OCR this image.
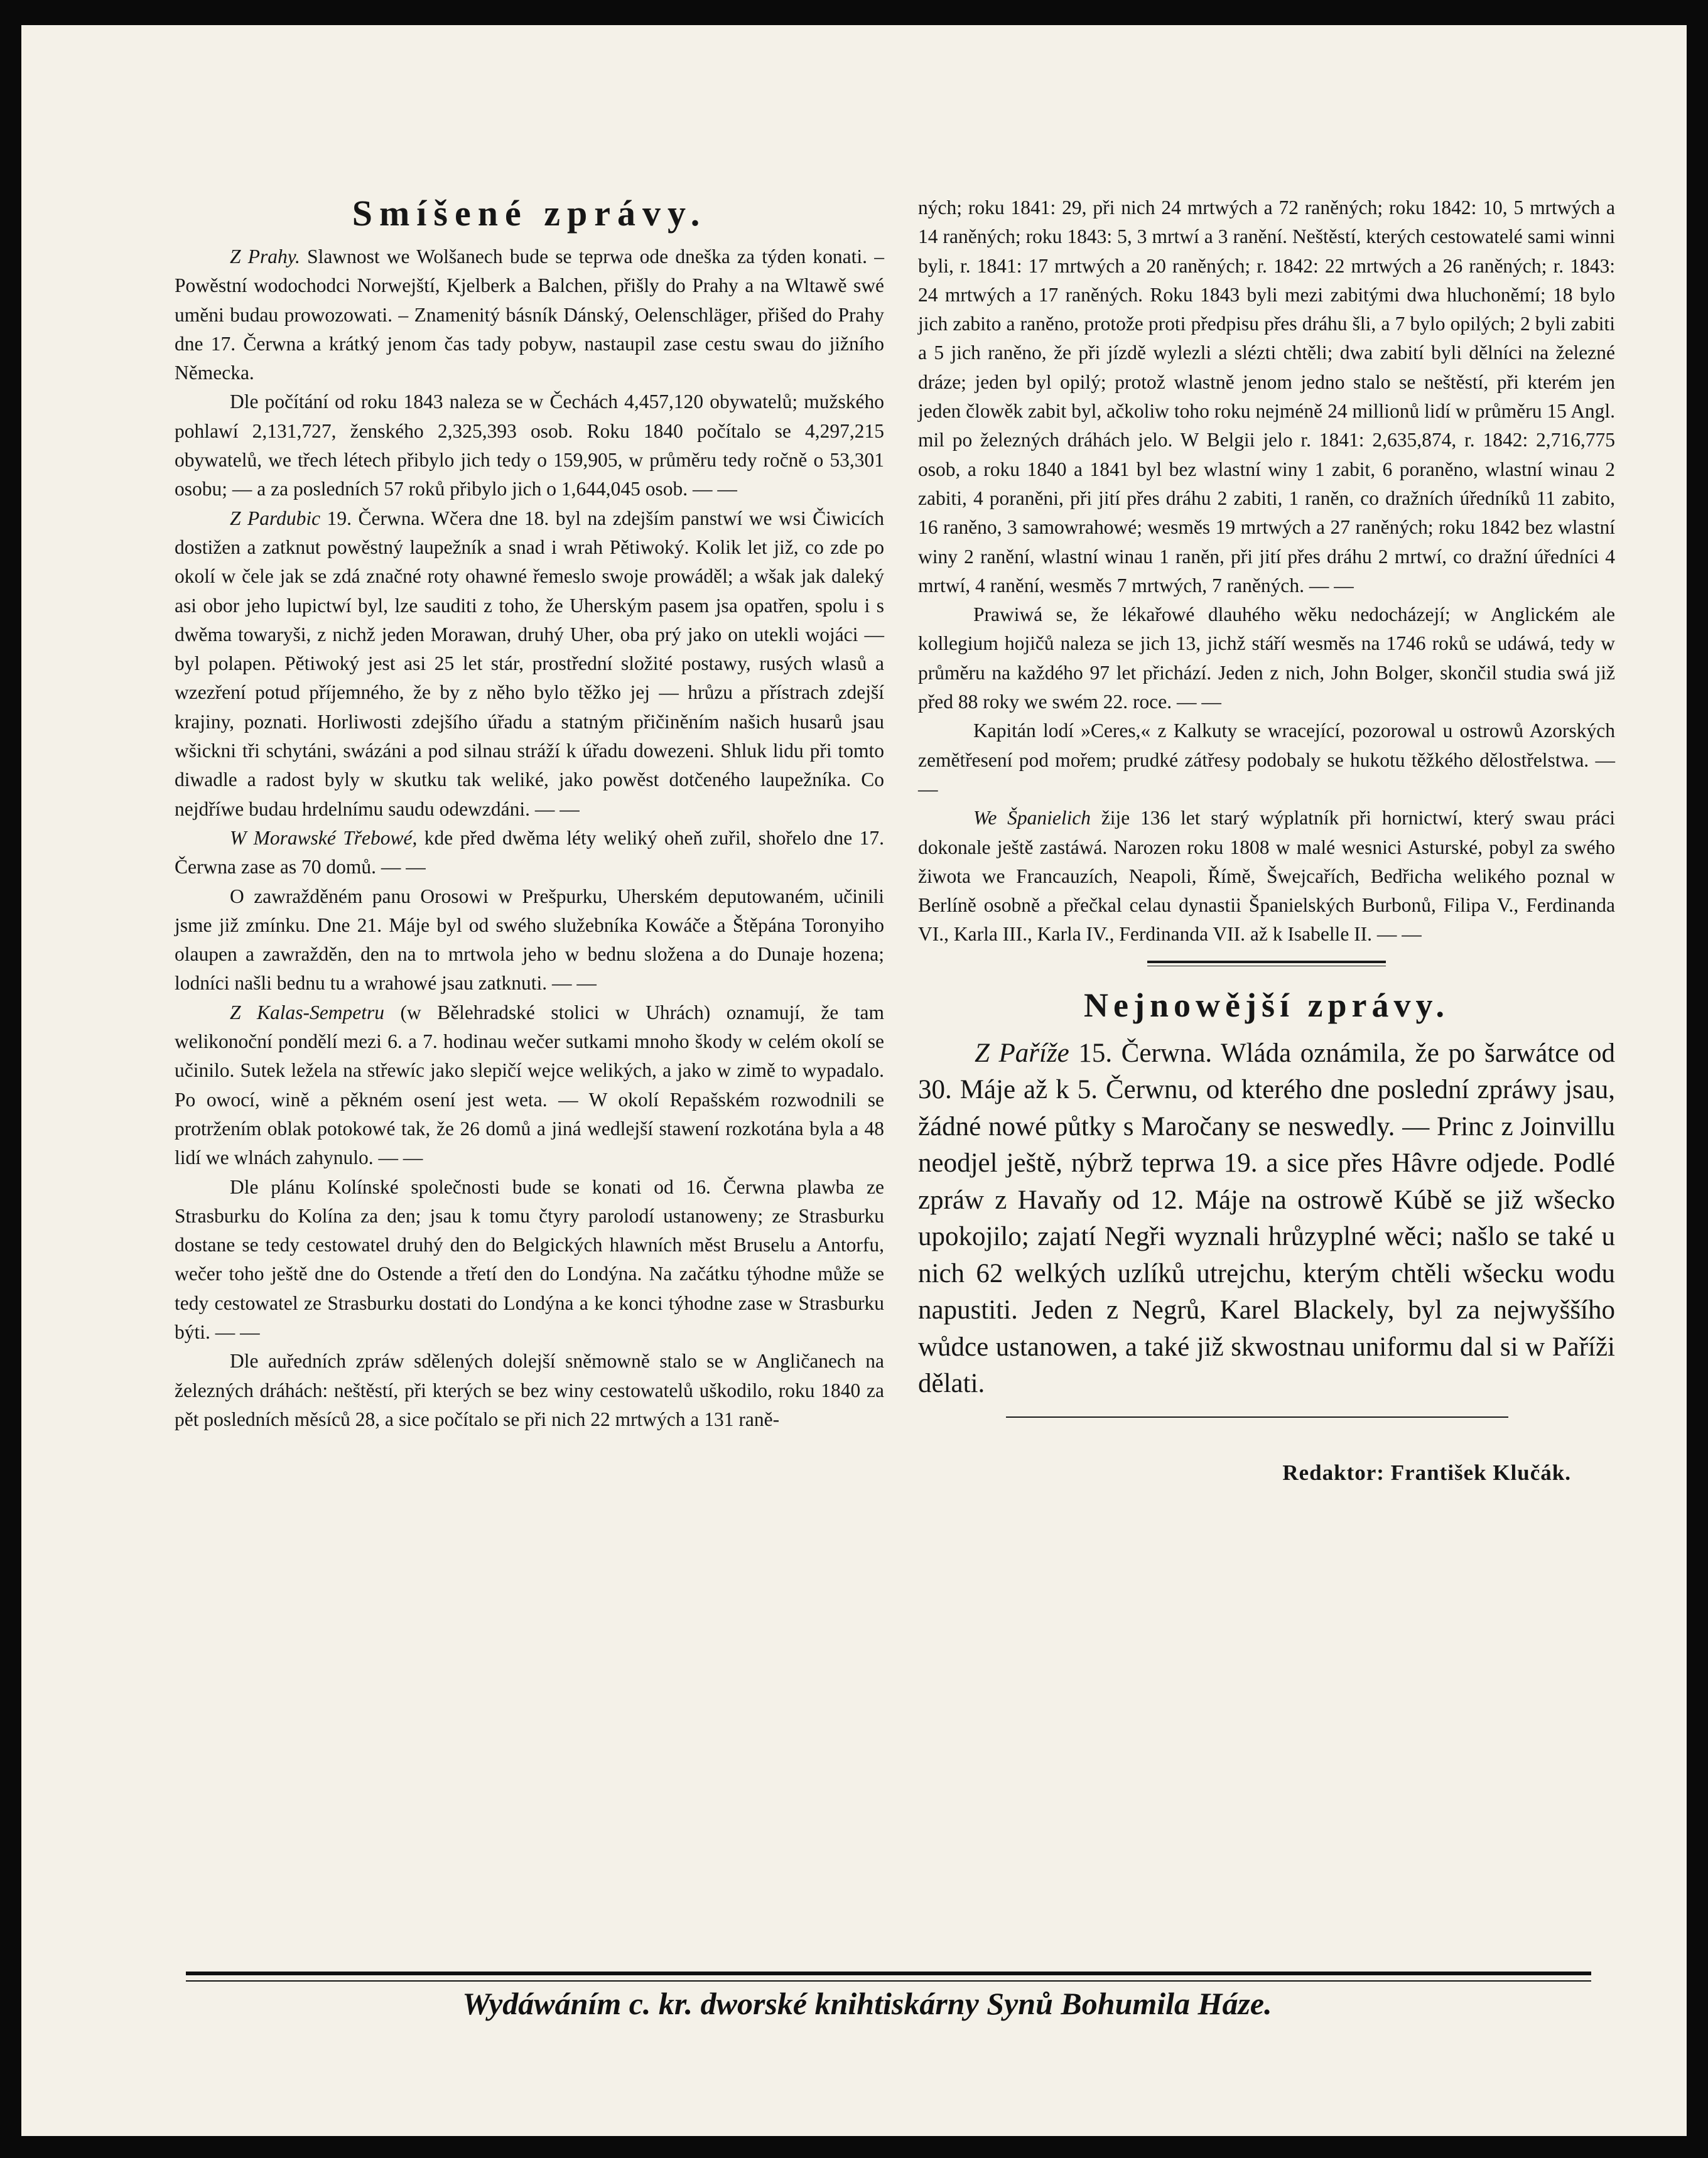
Smíšené zprávy.

Z Prahy. Slawnost we Wolšanech bude se teprwa ode dneška za týden konati. – Powěstní wodochodci Norwejští, Kjelberk a Balchen, přišly do Prahy a na Wltawě swé uměni budau prowozowati. – Znamenitý básník Dánský, Oelenschläger, přišed do Prahy dne 17. Čerwna a krátký jenom čas tady pobyw, nastaupil zase cestu swau do jižního Německa.

Dle počítání od roku 1843 naleza se w Čechách 4,457,120 obywatelů; mužského pohlawí 2,131,727, ženského 2,325,393 osob. Roku 1840 počítalo se 4,297,215 obywatelů, we třech létech přibylo jich tedy o 159,905, w průměru tedy ročně o 53,301 osobu; — a za posledních 57 roků přibylo jich o 1,644,045 osob. — —

Z Pardubic 19. Čerwna. Wčera dne 18. byl na zdejším panstwí we wsi Čiwicích dostižen a zatknut powěstný laupežník a snad i wrah Pětiwoký. Kolik let již, co zde po okolí w čele jak se zdá značné roty ohawné řemeslo swoje prowáděl; a wšak jak daleký asi obor jeho lupictwí byl, lze sauditi z toho, že Uherským pasem jsa opatřen, spolu i s dwěma towaryši, z nichž jeden Morawan, druhý Uher, oba prý jako on utekli wojáci — byl polapen. Pětiwoký jest asi 25 let stár, prostřední složité postawy, rusých wlasů a wzezření potud příjemného, že by z něho bylo těžko jej — hrůzu a přístrach zdejší krajiny, poznati. Horliwosti zdejšího úřadu a statným přičiněním našich husarů jsau wšickni tři schytáni, swázáni a pod silnau stráží k úřadu dowezeni. Shluk lidu při tomto diwadle a radost byly w skutku tak weliké, jako powěst dotčeného laupežníka. Co nejdříwe budau hrdelnímu saudu odewzdáni. — —

W Morawské Třebowé, kde před dwěma léty weliký oheň zuřil, shořelo dne 17. Čerwna zase as 70 domů. — —

O zawražděném panu Orosowi w Prešpurku, Uherském deputowaném, učinili jsme již zmínku. Dne 21. Máje byl od swého služebníka Kowáče a Štěpána Toronyiho olaupen a zawražděn, den na to mrtwola jeho w bednu složena a do Dunaje hozena; lodníci našli bednu tu a wrahowé jsau zatknuti. — —

Z Kalas-Sempetru (w Bělehradské stolici w Uhrách) oznamují, že tam welikonoční pondělí mezi 6. a 7. hodinau wečer sutkami mnoho škody w celém okolí se učinilo. Sutek ležela na střewíc jako slepičí wejce welikých, a jako w zimě to wypadalo. Po owocí, wině a pěkném osení jest weta. — W okolí Repašském rozwodnili se protržením oblak potokowé tak, že 26 domů a jiná wedlejší stawení rozkotána byla a 48 lidí we wlnách zahynulo. — —

Dle plánu Kolínské společnosti bude se konati od 16. Čerwna plawba ze Strasburku do Kolína za den; jsau k tomu čtyry parolodí ustanoweny; ze Strasburku dostane se tedy cestowatel druhý den do Belgických hlawních měst Bruselu a Antorfu, wečer toho ještě dne do Ostende a třetí den do Londýna. Na začátku týhodne může se tedy cestowatel ze Strasburku dostati do Londýna a ke konci týhodne zase w Strasburku býti. — —

Dle auředních zpráw sdělených dolejší sněmowně stalo se w Angličanech na železných dráhách: neštěstí, při kterých se bez winy cestowatelů uškodilo, roku 1840 za pět posledních měsíců 28, a sice počítalo se při nich 22 mrtwých a 131 raně-

ných; roku 1841: 29, při nich 24 mrtwých a 72 raněných; roku 1842: 10, 5 mrtwých a 14 raněných; roku 1843: 5, 3 mrtwí a 3 ranění. Neštěstí, kterých cestowatelé sami winni byli, r. 1841: 17 mrtwých a 20 raněných; r. 1842: 22 mrtwých a 26 raněných; r. 1843: 24 mrtwých a 17 raněných. Roku 1843 byli mezi zabitými dwa hluchoněmí; 18 bylo jich zabito a raněno, protože proti předpisu přes dráhu šli, a 7 bylo opilých; 2 byli zabiti a 5 jich raněno, že při jízdě wylezli a slézti chtěli; dwa zabití byli dělníci na železné dráze; jeden byl opilý; protož wlastně jenom jedno stalo se neštěstí, při kterém jen jeden člowěk zabit byl, ačkoliw toho roku nejméně 24 millionů lidí w průměru 15 Angl. mil po železných dráhách jelo. W Belgii jelo r. 1841: 2,635,874, r. 1842: 2,716,775 osob, a roku 1840 a 1841 byl bez wlastní winy 1 zabit, 6 poraněno, wlastní winau 2 zabiti, 4 poraněni, při jití přes dráhu 2 zabiti, 1 raněn, co dražních úředníků 11 zabito, 16 raněno, 3 samowrahowé; wesměs 19 mrtwých a 27 raněných; roku 1842 bez wlastní winy 2 ranění, wlastní winau 1 raněn, při jití přes dráhu 2 mrtwí, co dražní úředníci 4 mrtwí, 4 ranění, wesměs 7 mrtwých, 7 raněných. — —

Prawiwá se, že lékařowé dlauhého wěku nedocházejí; w Anglickém ale kollegium hojičů naleza se jich 13, jichž stáří wesměs na 1746 roků se udáwá, tedy w průměru na každého 97 let přichází. Jeden z nich, John Bolger, skončil studia swá již před 88 roky we swém 22. roce. — —

Kapitán lodí »Ceres,« z Kalkuty se wracející, pozorowal u ostrowů Azorských zemětřesení pod mořem; prudké zátřesy podobaly se hukotu těžkého dělostřelstwa. — —

We Španielich žije 136 let starý wýplatník při hornictwí, který swau práci dokonale ještě zastáwá. Narozen roku 1808 w malé wesnici Asturské, pobyl za swého žiwota we Francauzích, Neapoli, Římě, Šwejcařích, Bedřicha welikého poznal w Berlíně osobně a přečkal celau dynastii Španielských Burbonů, Filipa V., Ferdinanda VI., Karla III., Karla IV., Ferdinanda VII. až k Isabelle II. — —

Nejnowější zprávy.

Z Paříže 15. Čerwna. Wláda oznámila, že po šarwátce od 30. Máje až k 5. Čerwnu, od kterého dne poslední zpráwy jsau, žádné nowé půtky s Maročany se neswedly. — Princ z Joinvillu neodjel ještě, nýbrž teprwa 19. a sice přes Hâvre odjede. Podlé zpráw z Havaňy od 12. Máje na ostrowě Kúbě se již wšecko upokojilo; zajatí Negři wyznali hrůzyplné wěci; našlo se také u nich 62 welkých uzlíků utrejchu, kterým chtěli wšecku wodu napustiti. Jeden z Negrů, Karel Blackely, byl za nejwyššího wůdce ustanowen, a také již skwostnau uniformu dal si w Paříži dělati.

Redaktor: František Klučák.
Wydáwáním c. kr. dworské knihtiskárny Synů Bohumila Háze.
